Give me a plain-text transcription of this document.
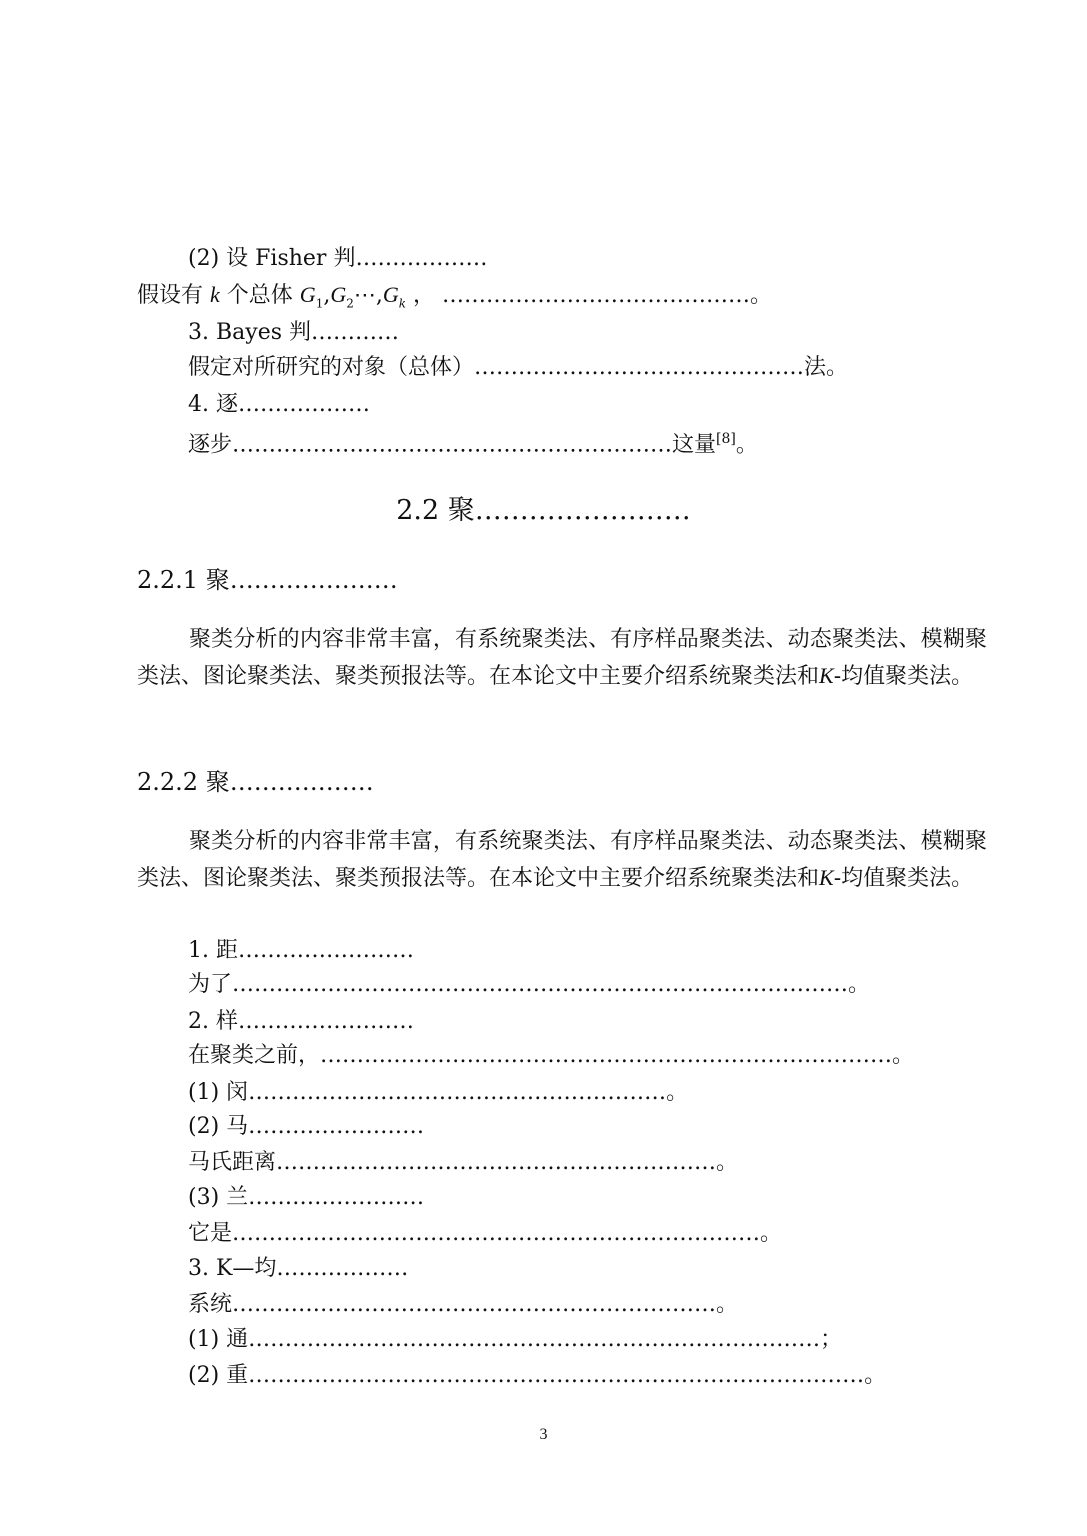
(2) 设 Fisher 判………………
假设有 k 个总体 $G_1,G_2\cdots,G_k$ ， ……………………………………。
3. Bayes 判…………
假定对所研究的对象（总体）………………………………………法。
4. 逐………………
逐步……………………………………………………这量[8]。
2.2 聚……………………
2.2.1 聚…………………
聚类分析的内容非常丰富，有系统聚类法、有序样品聚类法、动态聚类法、模糊聚类法、图论聚类法、聚类预报法等。在本论文中主要介绍系统聚类法和K-均值聚类法。
2.2.2 聚………………
聚类分析的内容非常丰富，有系统聚类法、有序样品聚类法、动态聚类法、模糊聚类法、图论聚类法、聚类预报法等。在本论文中主要介绍系统聚类法和K-均值聚类法。
1. 距……………………
为了…………………………………………………………………………。
2. 样……………………
在聚类之前，……………………………………………………………………。
(1) 闵…………………………………………………。
(2) 马……………………
马氏距离……………………………………………………。
(3) 兰……………………
它是………………………………………………………………。
3. K—均………………
系统…………………………………………………………。
(1) 通……………………………………………………………………；
(2) 重…………………………………………………………………………。
3
